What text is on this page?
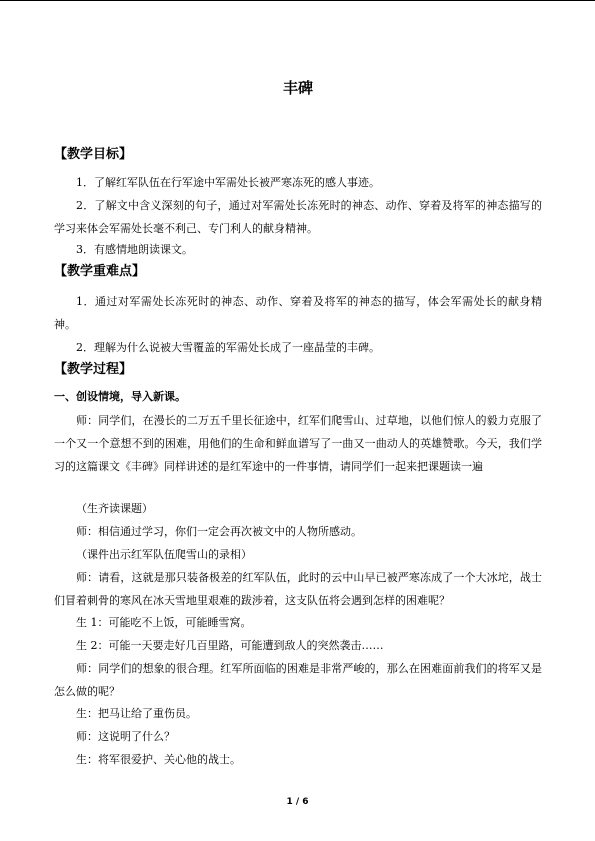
丰碑
【教学目标】
1．了解红军队伍在行军途中军需处长被严寒冻死的感人事迹。
2．了解文中含义深刻的句子，通过对军需处长冻死时的神态、动作、穿着及将军的神态描写的学习来体会军需处长毫不利己、专门利人的献身精神。
3．有感情地朗读课文。
【教学重难点】
1．通过对军需处长冻死时的神态、动作、穿着及将军的神态的描写，体会军需处长的献身精神。
2．理解为什么说被大雪覆盖的军需处长成了一座晶莹的丰碑。
【教学过程】
一、创设情境，导入新课。
师：同学们，在漫长的二万五千里长征途中，红军们爬雪山、过草地，以他们惊人的毅力克服了一个又一个意想不到的困难，用他们的生命和鲜血谱写了一曲又一曲动人的英雄赞歌。今天，我们学习的这篇课文《丰碑》同样讲述的是红军途中的一件事情，请同学们一起来把课题读一遍
（生齐读课题）
师：相信通过学习，你们一定会再次被文中的人物所感动。
（课件出示红军队伍爬雪山的录相）
师：请看，这就是那只装备极差的红军队伍，此时的云中山早已被严寒冻成了一个大冰坨，战士们冒着刺骨的寒风在冰天雪地里艰难的跋涉着，这支队伍将会遇到怎样的困难呢？
生 1：可能吃不上饭，可能睡雪窝。
生 2：可能一天要走好几百里路，可能遭到敌人的突然袭击……
师：同学们的想象的很合理。红军所面临的困难是非常严峻的，那么在困难面前我们的将军又是怎么做的呢？
生：把马让给了重伤员。
师：这说明了什么？
生：将军很爱护、关心他的战士。
1 / 6
